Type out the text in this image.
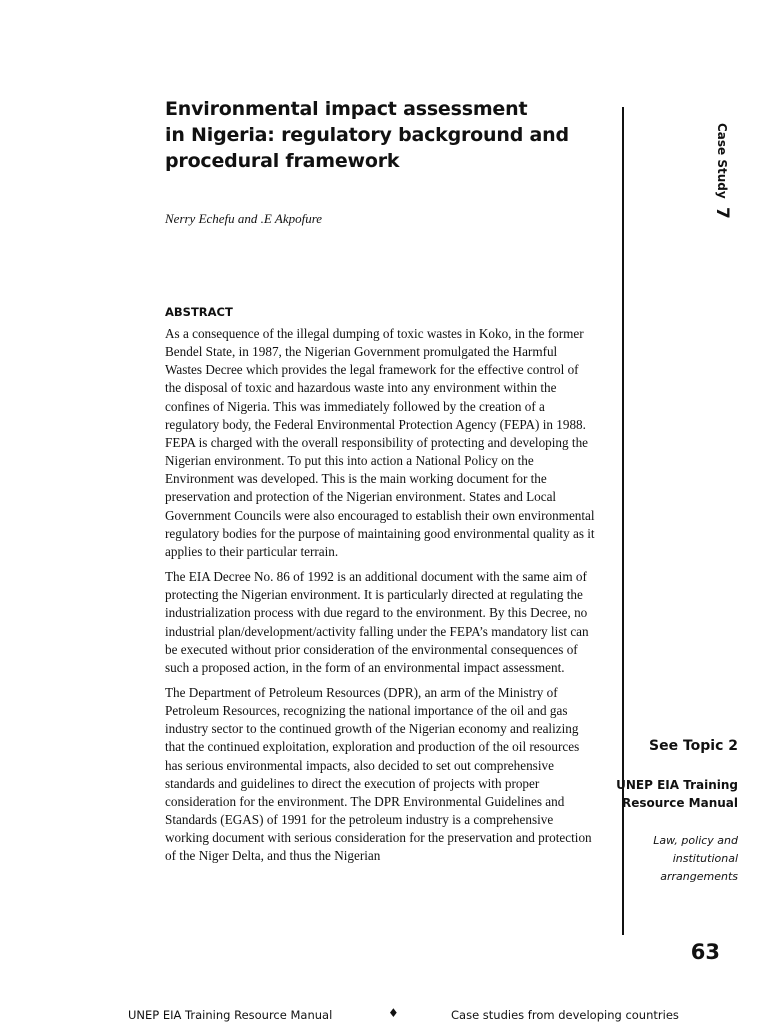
Environmental impact assessment
in Nigeria: regulatory background and
procedural framework
Nerry Echefu and .E Akpofure
ABSTRACT

As a consequence of the illegal dumping of toxic wastes in Koko, in the former Bendel State, in 1987, the Nigerian Government promulgated the Harmful Wastes Decree which provides the legal framework for the effective control of the disposal of toxic and hazardous waste into any environment within the confines of Nigeria. This was immediately followed by the creation of a regulatory body, the Federal Environmental Protection Agency (FEPA) in 1988. FEPA is charged with the overall responsibility of protecting and developing the Nigerian environment. To put this into action a National Policy on the Environment was developed. This is the main working document for the preservation and protection of the Nigerian environment. States and Local Government Councils were also encouraged to establish their own environmental regulatory bodies for the purpose of maintaining good environmental quality as it applies to their particular terrain.

The EIA Decree No. 86 of 1992 is an additional document with the same aim of protecting the Nigerian environment. It is particularly directed at regulating the industrialization process with due regard to the environment. By this Decree, no industrial plan/development/activity falling under the FEPA’s mandatory list can be executed without prior consideration of the environmental consequences of such a proposed action, in the form of an environmental impact assessment.

The Department of Petroleum Resources (DPR), an arm of the Ministry of Petroleum Resources, recognizing the national importance of the oil and gas industry sector to the continued growth of the Nigerian economy and realizing that the continued exploitation, exploration and production of the oil resources has serious environmental impacts, also decided to set out comprehensive standards and guidelines to direct the execution of projects with proper consideration for the environment. The DPR Environmental Guidelines and Standards (EGAS) of 1991 for the petroleum industry is a comprehensive working document with serious consideration for the preservation and protection of the Niger Delta, and thus the Nigerian

Case Study 7
See Topic 2
UNEP EIA Training
Resource Manual
Law, policy and
institutional
arrangements
63
UNEP EIA Training Resource Manual	♦	Case studies from developing countries
